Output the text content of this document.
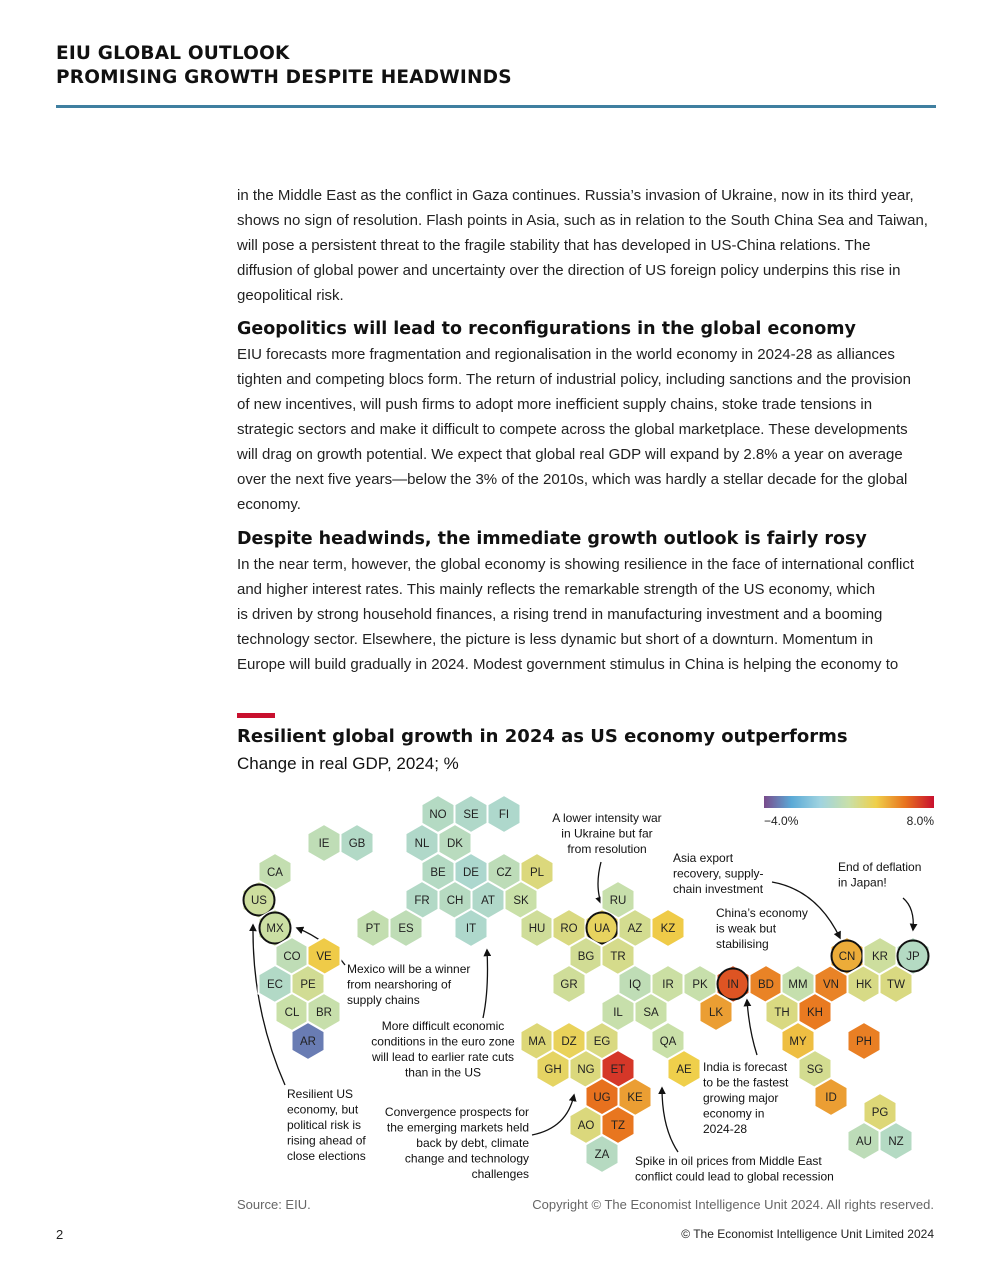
EIU GLOBAL OUTLOOK
PROMISING GROWTH DESPITE HEADWINDS
in the Middle East as the conflict in Gaza continues. Russia’s invasion of Ukraine, now in its third year,
shows no sign of resolution. Flash points in Asia, such as in relation to the South China Sea and Taiwan,
will pose a persistent threat to the fragile stability that has developed in US-China relations. The
diffusion of global power and uncertainty over the direction of US foreign policy underpins this rise in
geopolitical risk.
Geopolitics will lead to reconfigurations in the global economy
EIU forecasts more fragmentation and regionalisation in the world economy in 2024-28 as alliances
tighten and competing blocs form. The return of industrial policy, including sanctions and the provision
of new incentives, will push firms to adopt more inefficient supply chains, stoke trade tensions in
strategic sectors and make it difficult to compete across the global marketplace. These developments
will drag on growth potential. We expect that global real GDP will expand by 2.8% a year on average
over the next five years—below the 3% of the 2010s, which was hardly a stellar decade for the global
economy.
Despite headwinds, the immediate growth outlook is fairly rosy
In the near term, however, the global economy is showing resilience in the face of international conflict
and higher interest rates. This mainly reflects the remarkable strength of the US economy, which
is driven by strong household finances, a rising trend in manufacturing investment and a booming
technology sector. Elsewhere, the picture is less dynamic but short of a downturn. Momentum in
Europe will build gradually in 2024. Modest government stimulus in China is helping the economy to
Resilient global growth in 2024 as US economy outperforms
Change in real GDP, 2024; %
−4.0%	8.0%
NO SE FI
IE GB	NL DK
CA	BE DE CZ PL
US	FR CH AT SK	RU
MX	PT ES	IT	HU RO UA AZ KZ
CO VE	BG TR
EC PE	GR	IQ IR PK IN BD MM VN
CN
HK
KR JP
TW
CL BR	IL SA	LK	TH KH
AR	MA DZ EG	QA	MY	PH
GH NG ET	AE	SG
UG KE	ID
PG
AO TZ
AU NZ
ZA
A lower intensity war in Ukraine but far from resolution
Asia export recovery, supply-chain investment
End of deflation in Japan!
China’s economy is weak but stabilising
Mexico will be a winner from nearshoring of supply chains
More difficult economic conditions in the euro zone will lead to earlier rate cuts than in the US	India is forecast to be the fastest growing major economy in 2024-28
Resilient US economy, but political risk is rising ahead of close elections
Convergence prospects for the emerging markets held back by debt, climate change and technology challenges
Spike in oil prices from Middle East conflict could lead to global recession
Source: EIU.	Copyright © The Economist Intelligence Unit 2024. All rights reserved.
2	© The Economist Intelligence Unit Limited 2024
